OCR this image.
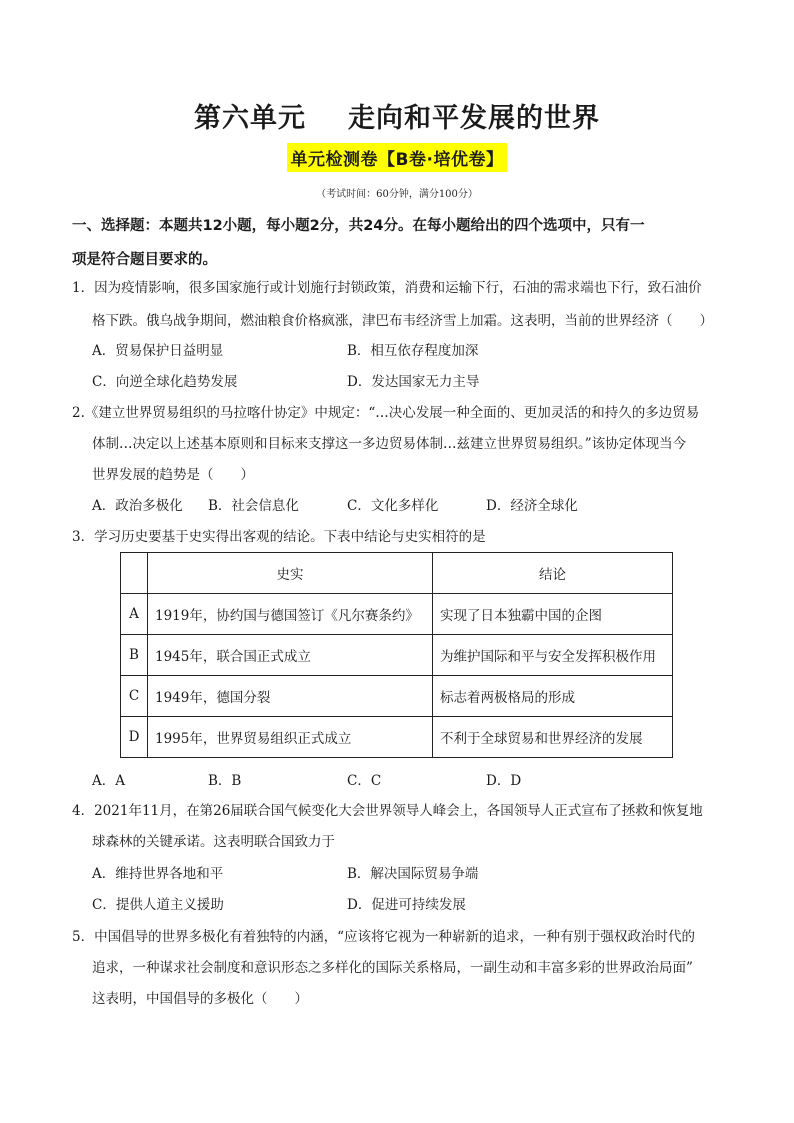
第六单元 走向和平发展的世界
单元检测卷【B卷·培优卷】
（考试时间：60分钟，满分100分）
一、选择题：本题共12小题，每小题2分，共24分。在每小题给出的四个选项中，只有一
项是符合题目要求的。
1．因为疫情影响，很多国家施行或计划施行封锁政策，消费和运输下行，石油的需求端也下行，致石油价
格下跌。俄乌战争期间，燃油粮食价格疯涨，津巴布韦经济雪上加霜。这表明，当前的世界经济（　　）
A．贸易保护日益明显	B．相互依存程度加深
C．向逆全球化趋势发展	D．发达国家无力主导
2.《建立世界贸易组织的马拉喀什协定》中规定：“…决心发展一种全面的、更加灵活的和持久的多边贸易
体制…决定以上述基本原则和目标来支撑这一多边贸易体制…兹建立世界贸易组织。”该协定体现当今
世界发展的趋势是（　　）
A．政治多极化 B．社会信息化	C．文化多样化	D．经济全球化
3．学习历史要基于史实得出客观的结论。下表中结论与史实相符的是
	史实	结论
A	1919年，协约国与德国签订《凡尔赛条约》	实现了日本独霸中国的企图
B	1945年，联合国正式成立	为维护国际和平与安全发挥积极作用
C	1949年，德国分裂	标志着两极格局的形成
D	1995年，世界贸易组织正式成立	不利于全球贸易和世界经济的发展
A．A	B．B	C．C	D．D
4．2021年11月，在第26届联合国气候变化大会世界领导人峰会上，各国领导人正式宣布了拯救和恢复地
球森林的关键承诺。这表明联合国致力于
A．维持世界各地和平	B．解决国际贸易争端
C．提供人道主义援助	D．促进可持续发展
5．中国倡导的世界多极化有着独特的内涵，“应该将它视为一种崭新的追求，一种有别于强权政治时代的
追求，一种谋求社会制度和意识形态之多样化的国际关系格局，一副生动和丰富多彩的世界政治局面”
这表明，中国倡导的多极化（　　）
